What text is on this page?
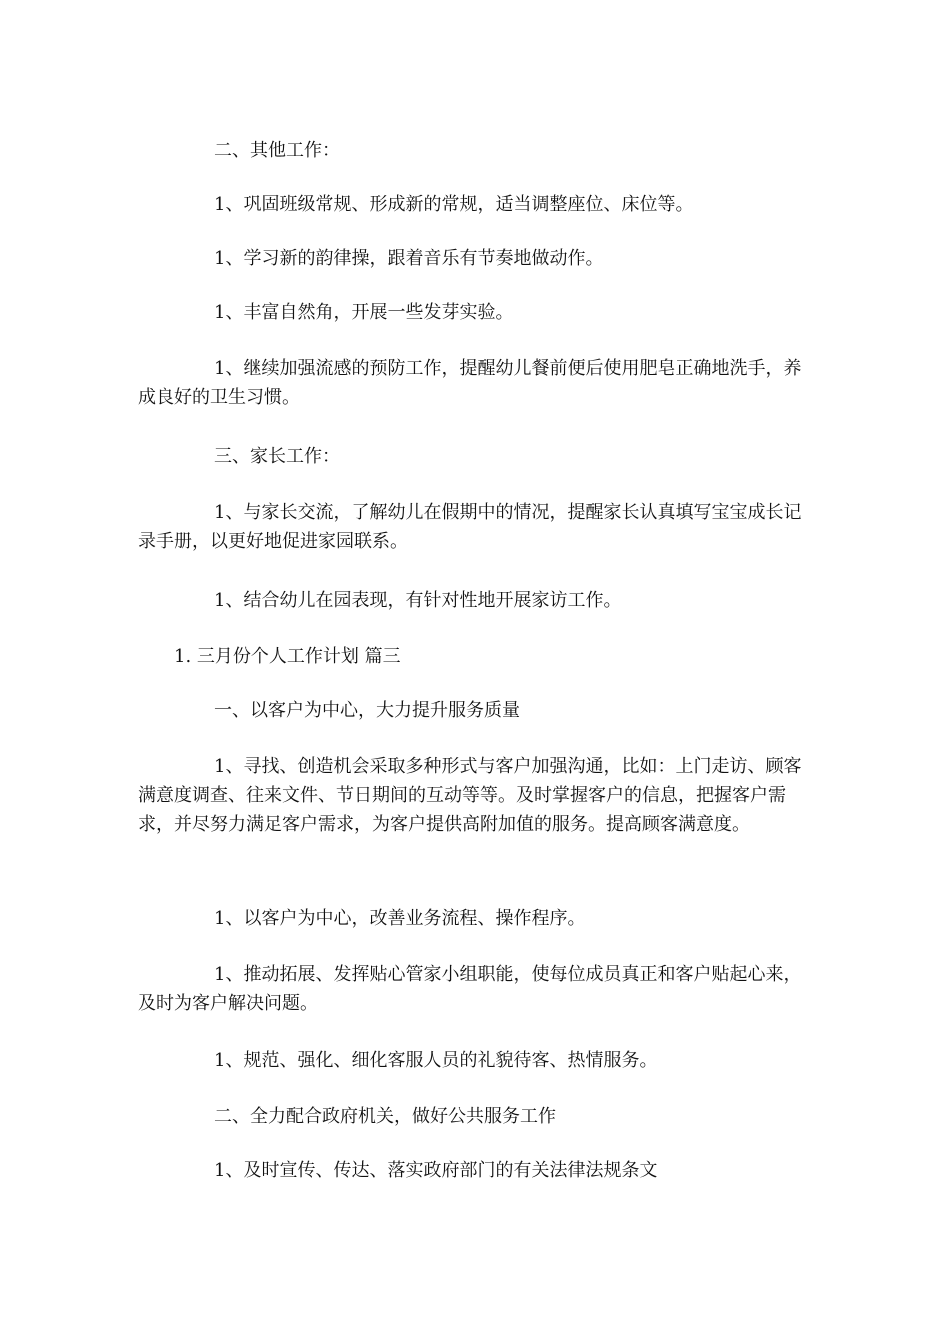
二、其他工作：

1、巩固班级常规、形成新的常规，适当调整座位、床位等。

1、学习新的韵律操，跟着音乐有节奏地做动作。

1、丰富自然角，开展一些发芽实验。

1、继续加强流感的预防工作，提醒幼儿餐前便后使用肥皂正确地洗手，养成良好的卫生习惯。

三、家长工作：

1、与家长交流，了解幼儿在假期中的情况，提醒家长认真填写宝宝成长记录手册，以更好地促进家园联系。

1、结合幼儿在园表现，有针对性地开展家访工作。

1. 三月份个人工作计划 篇三

一、以客户为中心，大力提升服务质量

1、寻找、创造机会采取多种形式与客户加强沟通，比如：上门走访、顾客满意度调查、往来文件、节日期间的互动等等。及时掌握客户的信息，把握客户需求，并尽努力满足客户需求，为客户提供高附加值的服务。提高顾客满意度。

1、以客户为中心，改善业务流程、操作程序。

1、推动拓展、发挥贴心管家小组职能，使每位成员真正和客户贴起心来，及时为客户解决问题。

1、规范、强化、细化客服人员的礼貌待客、热情服务。

二、全力配合政府机关，做好公共服务工作

1、及时宣传、传达、落实政府部门的有关法律法规条文
